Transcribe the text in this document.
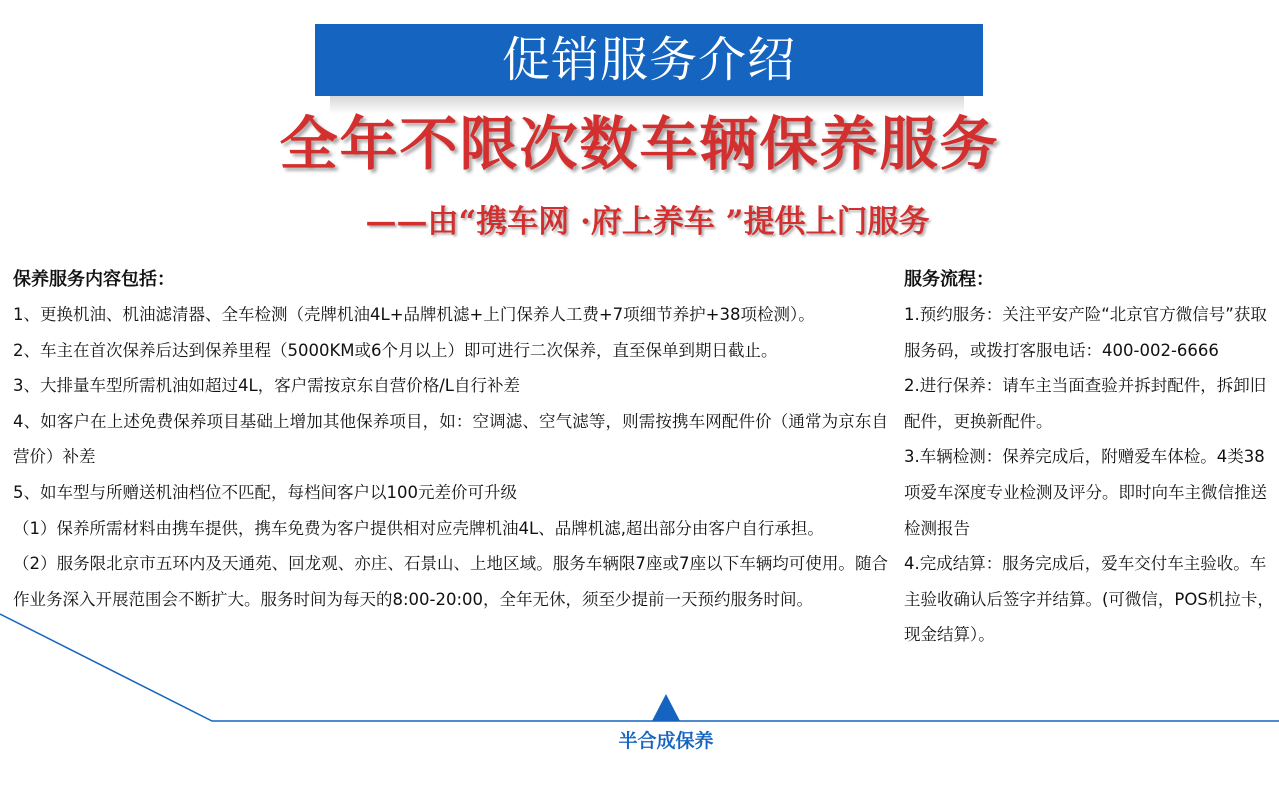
促销服务介绍
全年不限次数车辆保养服务
——由“携车网 ·府上养车 ”提供上门服务
保养服务内容包括：

1、更换机油、机油滤清器、全车检测（壳牌机油4L+品牌机滤+上门保养人工费+7项细节养护+38项检测）。

2、车主在首次保养后达到保养里程（5000KM或6个月以上）即可进行二次保养，直至保单到期日截止。

3、大排量车型所需机油如超过4L，客户需按京东自营价格/L自行补差

4、如客户在上述免费保养项目基础上增加其他保养项目，如：空调滤、空气滤等，则需按携车网配件价（通常为京东自营价）补差

5、如车型与所赠送机油档位不匹配，每档间客户以100元差价可升级

（1）保养所需材料由携车提供，携车免费为客户提供相对应壳牌机油4L、品牌机滤,超出部分由客户自行承担。

（2）服务限北京市五环内及天通苑、回龙观、亦庄、石景山、上地区域。服务车辆限7座或7座以下车辆均可使用。随合作业务深入开展范围会不断扩大。服务时间为每天的8:00-20:00，全年无休，须至少提前一天预约服务时间。

服务流程：

1.预约服务：关注平安产险“北京官方微信号”获取服务码，或拨打客服电话：400-002-6666

2.进行保养：请车主当面查验并拆封配件，拆卸旧配件，更换新配件。

3.车辆检测：保养完成后，附赠爱车体检。4类38项爱车深度专业检测及评分。即时向车主微信推送检测报告

4.完成结算：服务完成后，爱车交付车主验收。车主验收确认后签字并结算。(可微信，POS机拉卡，现金结算）。

半合成保养
